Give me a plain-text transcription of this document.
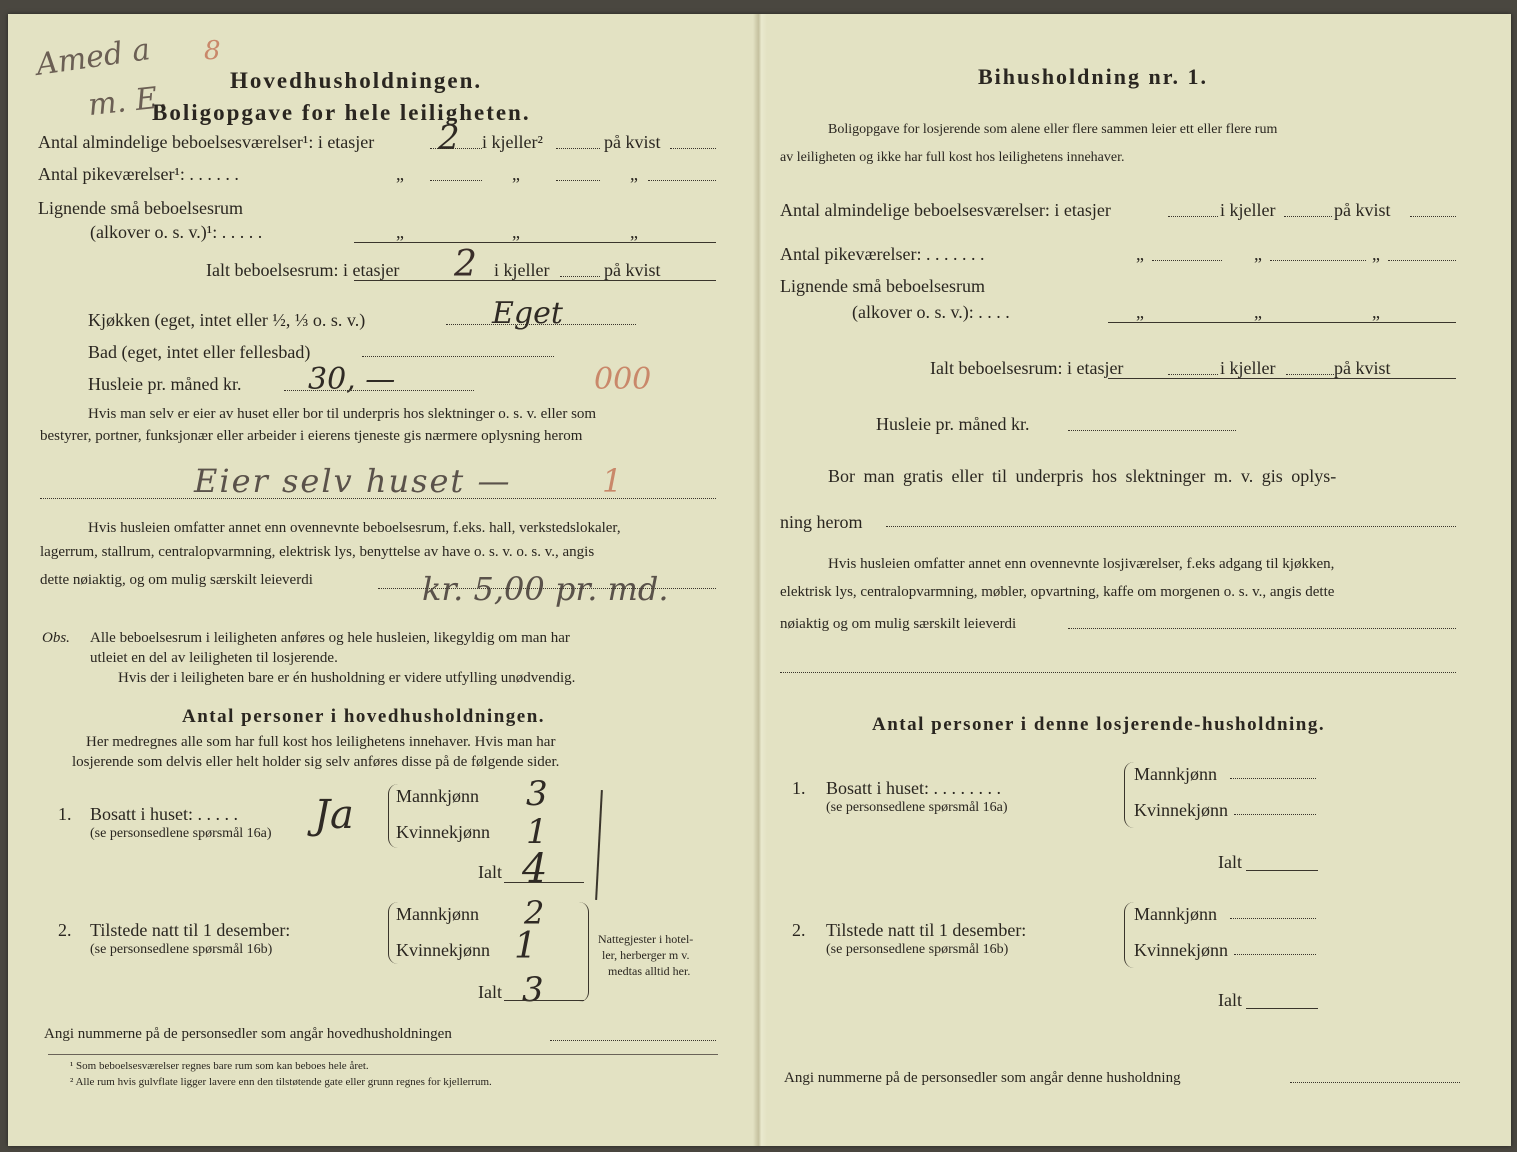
Amed a 8
m. E.	Hovedhusholdningen.
Boligopgave for hele leiligheten.
Antal almindelige beboelsesværelser¹: i etasjer 2 i kjeller²	på kvist
Antal pikeværelser¹: . . . . . .	„	„	„
Lignende små beboelsesrum
(alkover o. s. v.)¹: . . . . .	„	„	„
Ialt beboelsesrum: i etasjer 2 i kjeller	på kvist
Kjøkken (eget, intet eller ½, ⅓ o. s. v.)	Eget
Bad (eget, intet eller fellesbad)
Husleie pr. måned kr. 30, —	000
Hvis man selv er eier av huset eller bor til underpris hos slektninger o. s. v. eller som
bestyrer, portner, funksjonær eller arbeider i eierens tjeneste gis nærmere oplysning herom
Eier selv huset —	1
Hvis husleien omfatter annet enn ovennevnte beboelsesrum, f.eks. hall, verkstedslokaler,
lagerrum, stallrum, centralopvarmning, elektrisk lys, benyttelse av have o. s. v. o. s. v., angis
dette nøiaktig, og om mulig særskilt leieverdi	kr. 5,00 pr. md.
Obs. Alle beboelsesrum i leiligheten anføres og hele husleien, likegyldig om man har
utleiet en del av leiligheten til losjerende.
Hvis der i leiligheten bare er én husholdning er videre utfylling unødvendig.
Antal personer i hovedhusholdningen.
Her medregnes alle som har full kost hos leilighetens innehaver. Hvis man har
losjerende som delvis eller helt holder sig selv anføres disse på de følgende sider.
1. Bosatt i huset: . . . . .
(se personsedlene spørsmål 16a) Ja Mannkjønn 3
Kvinnekjønn 1
Ialt 4
2. Tilstede natt til 1 desember:
(se personsedlene spørsmål 16b)
Mannkjønn 2
Kvinnekjønn 1
Ialt 3
Nattegjester i hotel-
ler, herberger m v.
medtas alltid her.
Angi nummerne på de personsedler som angår hovedhusholdningen
¹ Som beboelsesværelser regnes bare rum som kan beboes hele året.
² Alle rum hvis gulvflate ligger lavere enn den tilstøtende gate eller grunn regnes for kjellerrum.
Bihusholdning nr. 1.
Boligopgave for losjerende som alene eller flere sammen leier ett eller flere rum
av leiligheten og ikke har full kost hos leilighetens innehaver.
Antal almindelige beboelsesværelser: i etasjer	i kjeller	på kvist
Antal pikeværelser: . . . . . . .	„	„	„
Lignende små beboelsesrum
(alkover o. s. v.): . . . .	„	„	„
Ialt beboelsesrum: i etasjer	i kjeller	på kvist
Husleie pr. måned kr.
Bor man gratis eller til underpris hos slektninger m. v. gis oplys-
ning herom
Hvis husleien omfatter annet enn ovennevnte losjiværelser, f.eks adgang til kjøkken,
elektrisk lys, centralopvarmning, møbler, opvartning, kaffe om morgenen o. s. v., angis dette
nøiaktig og om mulig særskilt leieverdi
Antal personer i denne losjerende-husholdning.
1. Bosatt i huset: . . . . . . . .
(se personsedlene spørsmål 16a)
Mannkjønn
Kvinnekjønn
Ialt
2. Tilstede natt til 1 desember:
(se personsedlene spørsmål 16b)
Mannkjønn
Kvinnekjønn
Ialt
Angi nummerne på de personsedler som angår denne husholdning
